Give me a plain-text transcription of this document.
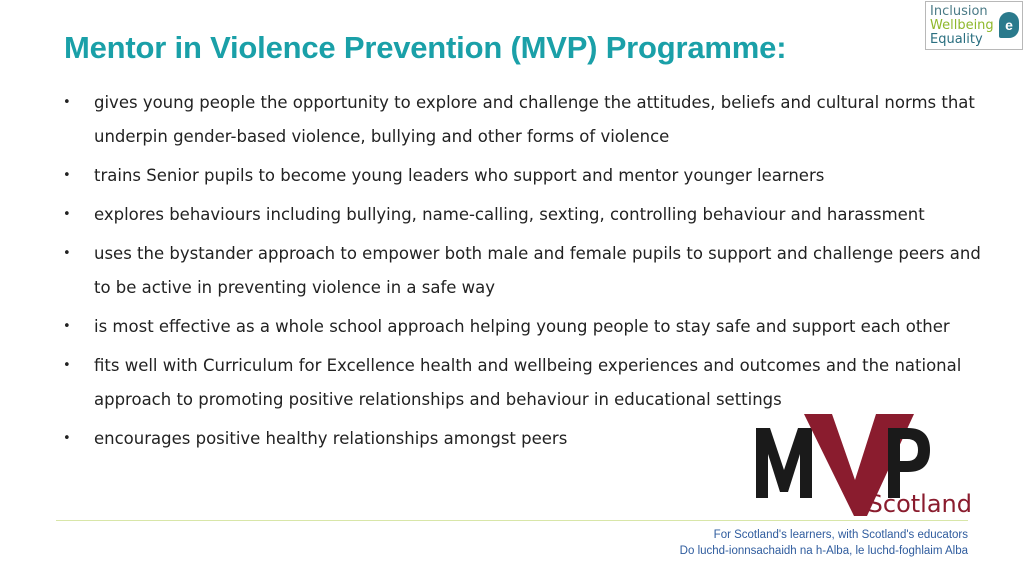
Mentor in Violence Prevention (MVP) Programme:
Inclusion
Wellbeing
Equality
e
• gives young people the opportunity to explore and challenge the attitudes, beliefs and cultural norms that underpin gender-based violence, bullying and other forms of violence
• trains Senior pupils to become young leaders who support and mentor younger learners
• explores behaviours including bullying, name-calling, sexting, controlling behaviour and harassment
• uses the bystander approach to empower both male and female pupils to support and challenge peers and to be active in preventing violence in a safe way
• is most effective as a whole school approach helping young people to stay safe and support each other
• fits well with Curriculum for Excellence health and wellbeing experiences and outcomes and the national approach to promoting positive relationships and behaviour in educational settings
• encourages positive healthy relationships amongst peers
Scotland
For Scotland's learners, with Scotland's educators
Do luchd-ionnsachaidh na h-Alba, le luchd-foghlaim Alba
